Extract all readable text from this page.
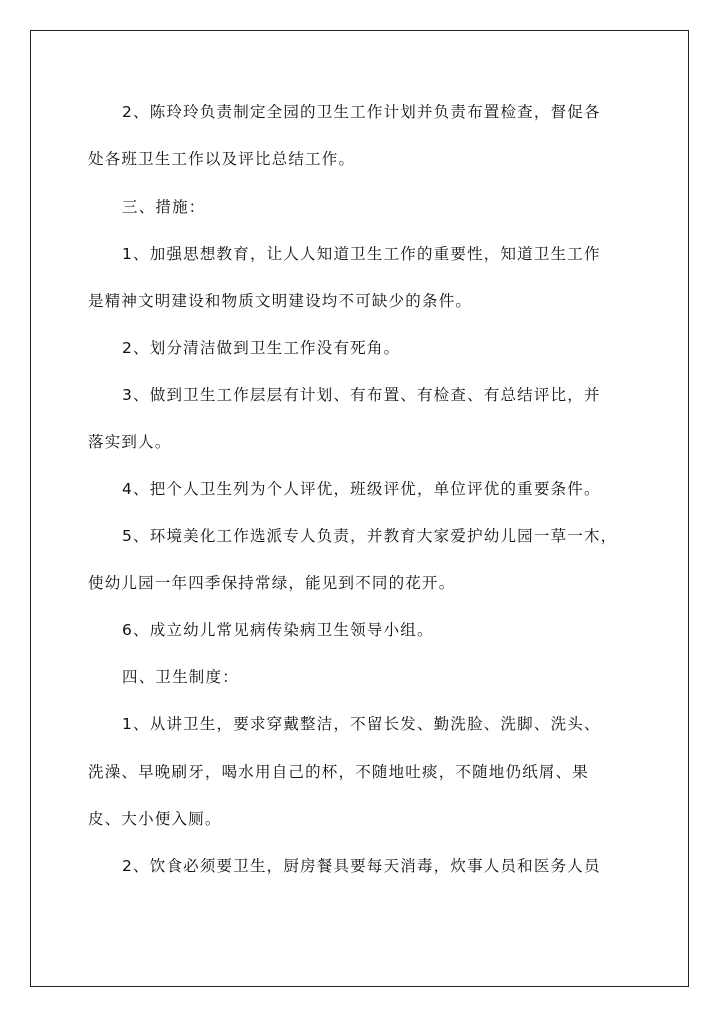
2、陈玲玲负责制定全园的卫生工作计划并负责布置检查，督促各
处各班卫生工作以及评比总结工作。
三、措施：
1、加强思想教育，让人人知道卫生工作的重要性，知道卫生工作
是精神文明建设和物质文明建设均不可缺少的条件。
2、划分清洁做到卫生工作没有死角。
3、做到卫生工作层层有计划、有布置、有检查、有总结评比，并
落实到人。
4、把个人卫生列为个人评优，班级评优，单位评优的重要条件。
5、环境美化工作选派专人负责，并教育大家爱护幼儿园一草一木，
使幼儿园一年四季保持常绿，能见到不同的花开。
6、成立幼儿常见病传染病卫生领导小组。
四、卫生制度：
1、从讲卫生，要求穿戴整洁，不留长发、勤洗脸、洗脚、洗头、
洗澡、早晚刷牙，喝水用自己的杯，不随地吐痰，不随地仍纸屑、果
皮、大小便入厕。
2、饮食必须要卫生，厨房餐具要每天消毒，炊事人员和医务人员
